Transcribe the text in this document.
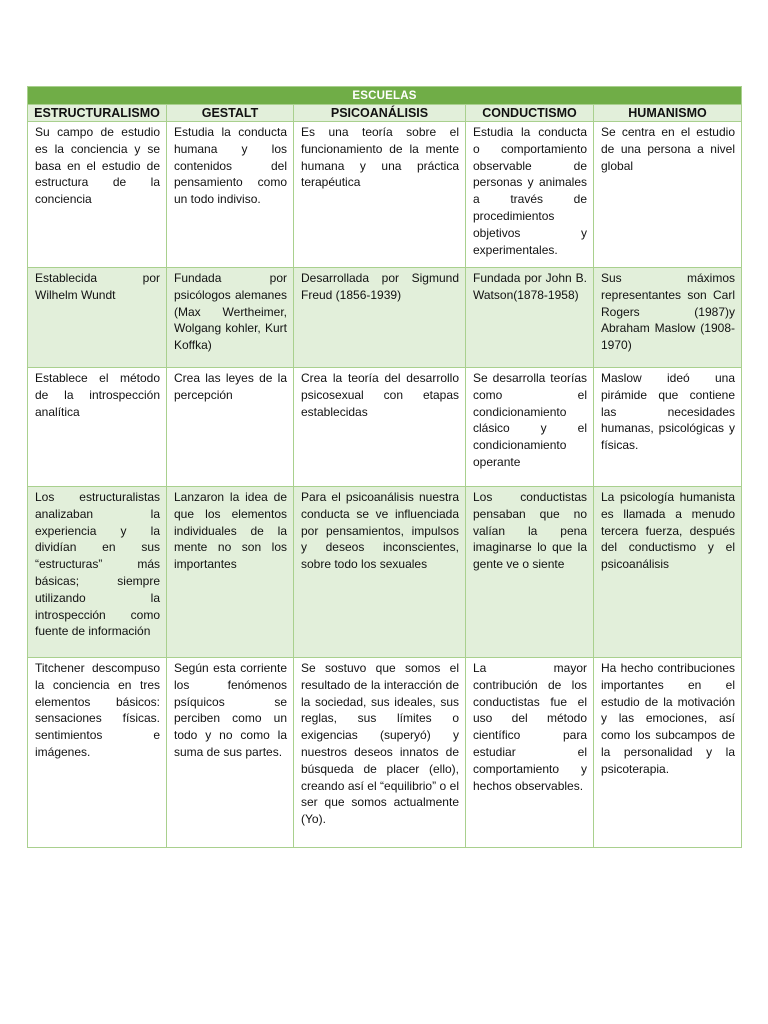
ESCUELAS				
ESTRUCTURALISMO	GESTALT	PSICOANÁLISIS	CONDUCTISMO	HUMANISMO
Su campo de estudio es la conciencia y se basa en el estudio de estructura de la conciencia	Estudia la conducta humana y los contenidos del pensamiento como un todo indiviso.	Es una teoría sobre el funcionamiento de la mente humana y una práctica terapéutica	Estudia la conducta o comportamiento observable de personas y animales a través de procedimientos objetivos y experimentales.	Se centra en el estudio de una persona a nivel global
Establecida por Wilhelm Wundt	Fundada por psicólogos alemanes (Max Wertheimer, Wolgang kohler, Kurt Koffka)	Desarrollada por Sigmund Freud (1856-1939)	Fundada por John B. Watson(1878-1958)	Sus máximos representantes son Carl Rogers (1987)y Abraham Maslow (1908-1970)
Establece el método de la introspección analítica	Crea las leyes de la percepción	Crea la teoría del desarrollo psicosexual con etapas establecidas	Se desarrolla teorías como el condicionamiento clásico y el condicionamiento operante	Maslow ideó una pirámide que contiene las necesidades humanas, psicológicas y físicas.
Los estructuralistas analizaban la experiencia y la dividían en sus “estructuras” más básicas; siempre utilizando la introspección como fuente de información	Lanzaron la idea de que los elementos individuales de la mente no son los importantes	Para el psicoanálisis nuestra conducta se ve influenciada por pensamientos, impulsos y deseos inconscientes, sobre todo los sexuales	Los conductistas pensaban que no valían la pena imaginarse lo que la gente ve o siente	La psicología humanista es llamada a menudo tercera fuerza, después del conductismo y el psicoanálisis
Titchener descompuso la conciencia en tres elementos básicos: sensaciones físicas. sentimientos e imágenes.	Según esta corriente los fenómenos psíquicos se perciben como un todo y no como la suma de sus partes.	Se sostuvo que somos el resultado de la interacción de la sociedad, sus ideales, sus reglas, sus límites o exigencias (superyó) y nuestros deseos innatos de búsqueda de placer (ello), creando así el “equilibrio” o el ser que somos actualmente (Yo).	La mayor contribución de los conductistas fue el uso del método científico para estudiar el comportamiento y hechos observables.	Ha hecho contribuciones importantes en el estudio de la motivación y las emociones, así como los subcampos de la personalidad y la psicoterapia.
